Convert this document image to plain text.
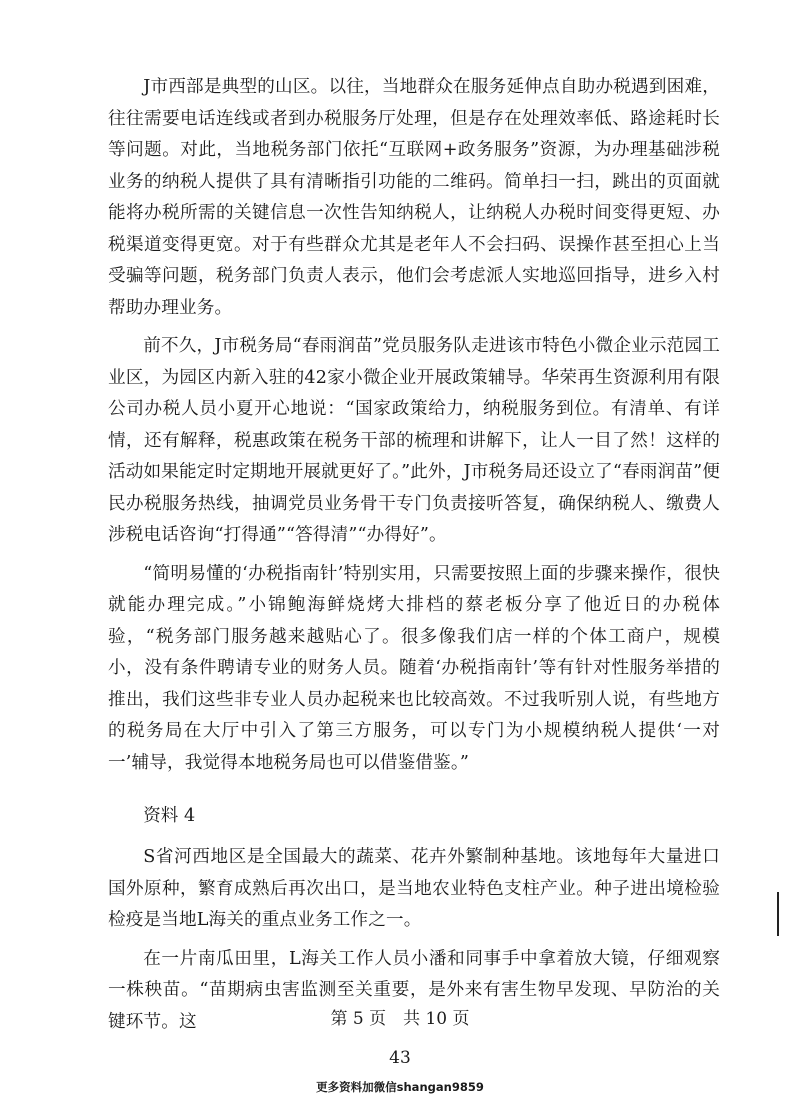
J市西部是典型的山区。以往，当地群众在服务延伸点自助办税遇到困难，往往需要电话连线或者到办税服务厅处理，但是存在处理效率低、路途耗时长等问题。对此，当地税务部门依托“互联网+政务服务”资源，为办理基础涉税业务的纳税人提供了具有清晰指引功能的二维码。简单扫一扫，跳出的页面就能将办税所需的关键信息一次性告知纳税人，让纳税人办税时间变得更短、办税渠道变得更宽。对于有些群众尤其是老年人不会扫码、误操作甚至担心上当受骗等问题，税务部门负责人表示，他们会考虑派人实地巡回指导，进乡入村帮助办理业务。

前不久，J市税务局“春雨润苗”党员服务队走进该市特色小微企业示范园工业区，为园区内新入驻的42家小微企业开展政策辅导。华荣再生资源利用有限公司办税人员小夏开心地说：“国家政策给力，纳税服务到位。有清单、有详情，还有解释，税惠政策在税务干部的梳理和讲解下，让人一目了然！这样的活动如果能定时定期地开展就更好了。”此外，J市税务局还设立了“春雨润苗”便民办税服务热线，抽调党员业务骨干专门负责接听答复，确保纳税人、缴费人涉税电话咨询“打得通”“答得清”“办得好”。

“简明易懂的‘办税指南针’特别实用，只需要按照上面的步骤来操作，很快就能办理完成。”小锦鲍海鲜烧烤大排档的蔡老板分享了他近日的办税体验，“税务部门服务越来越贴心了。很多像我们店一样的个体工商户，规模小，没有条件聘请专业的财务人员。随着‘办税指南针’等有针对性服务举措的推出，我们这些非专业人员办起税来也比较高效。不过我听别人说，有些地方的税务局在大厅中引入了第三方服务，可以专门为小规模纳税人提供‘一对一’辅导，我觉得本地税务局也可以借鉴借鉴。”

资料 4

S省河西地区是全国最大的蔬菜、花卉外繁制种基地。该地每年大量进口国外原种，繁育成熟后再次出口，是当地农业特色支柱产业。种子进出境检验检疫是当地L海关的重点业务工作之一。

在一片南瓜田里，L海关工作人员小潘和同事手中拿着放大镜，仔细观察一株秧苗。“苗期病虫害监测至关重要，是外来有害生物早发现、早防治的关键环节。这	第 5 页　共 10 页
43
更多资料加微信shangan9859
